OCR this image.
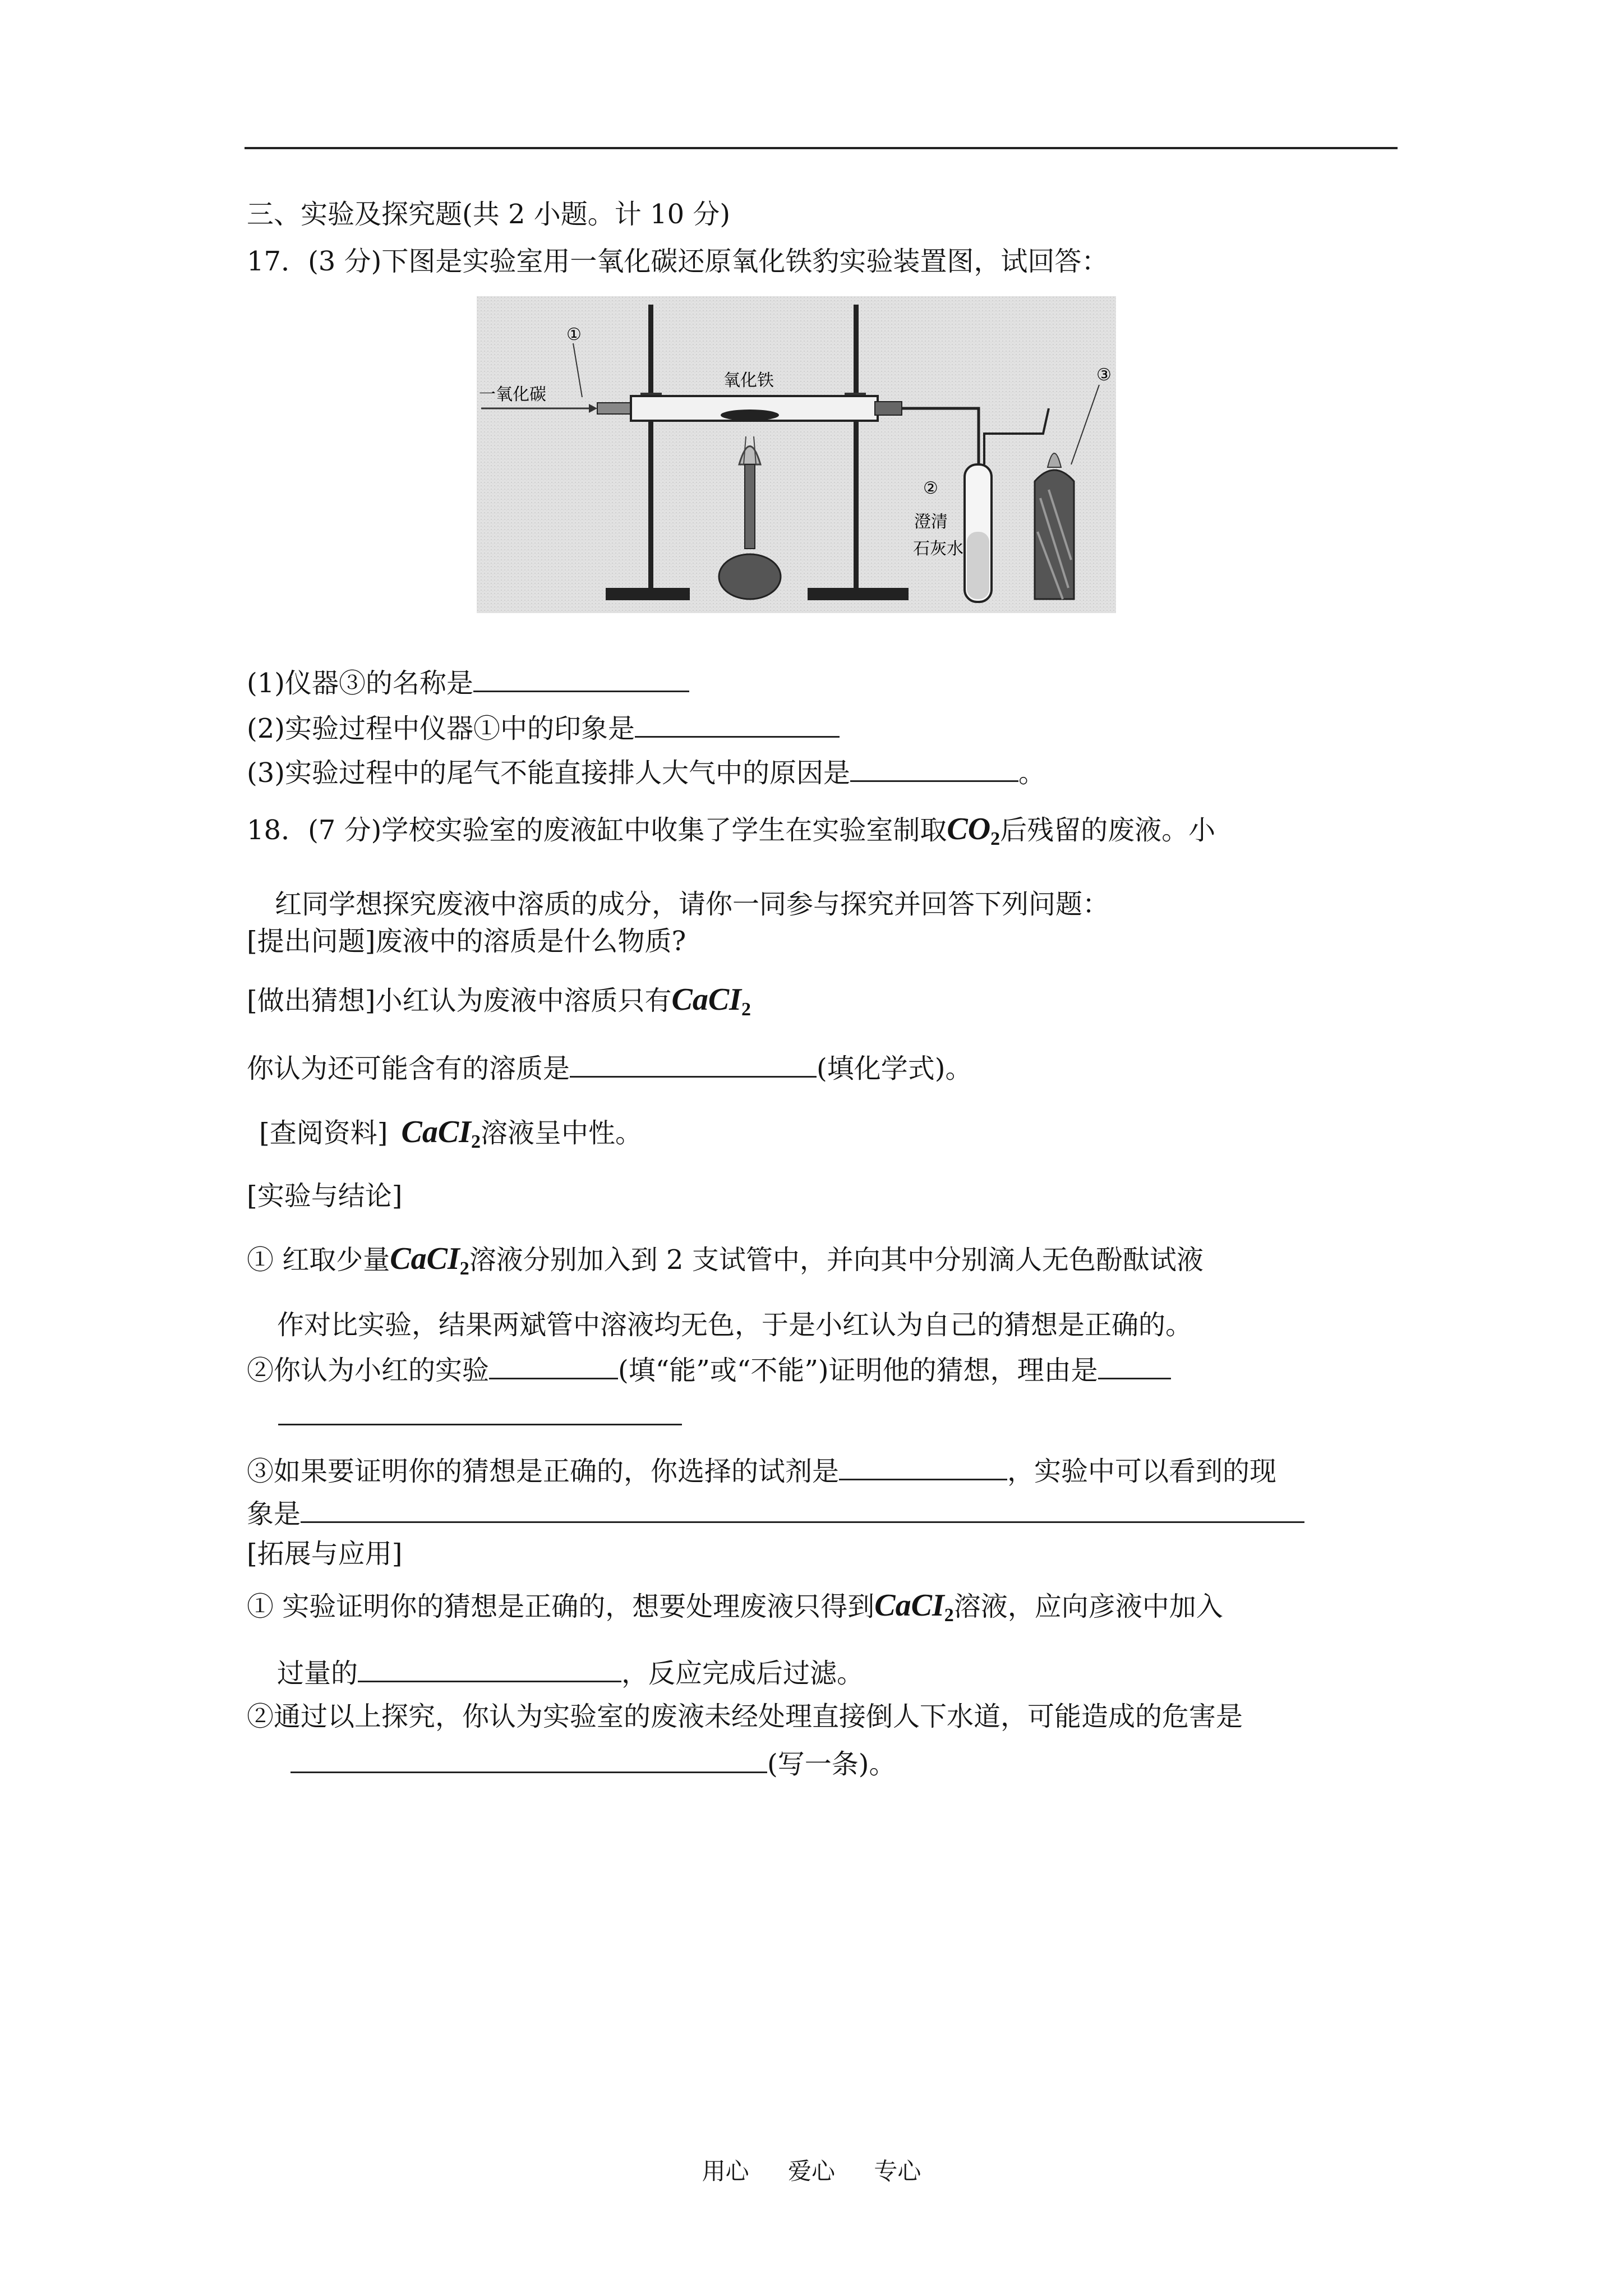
三、实验及探究题(共 2 小题。计 10 分)
17．(3 分)下图是实验室用一氧化碳还原氧化铁豹实验装置图，试回答：
①
一氧化碳
氧化铁	③
②
澄清
石灰水
(1)仪器③的名称是
(2)实验过程中仪器①中的印象是
(3)实验过程中的尾气不能直接排人大气中的原因是	。
18．(7 分)学校实验室的废液缸中收集了学生在实验室制取$CO_2$后残留的废液。小
红同学想探究废液中溶质的成分，请你一同参与探究并回答下列问题：
[提出问题]废液中的溶质是什么物质?
[做出猜想]小红认为废液中溶质只有CaCI$_2$
你认为还可能含有的溶质是	(填化学式)。
[查阅资料] CaCI$_2$溶液呈中性。
[实验与结论]
① 红取少量CaCI$_2$溶液分别加入到 2 支试管中，并向其中分别滴人无色酚酞试液
作对比实验，结果两斌管中溶液均无色，于是小红认为自己的猜想是正确的。
②你认为小红的实验	(填“能”或“不能”)证明他的猜想，理由是
③如果要证明你的猜想是正确的，你选择的试剂是	，实验中可以看到的现
象是
[拓展与应用]
① 实验证明你的猜想是正确的，想要处理废液只得到CaCI$_2$溶液，应向彦液中加入
过量的	，反应完成后过滤。
②通过以上探究，你认为实验室的废液未经处理直接倒人下水道，可能造成的危害是
(写一条)。
用心 爱心 专心
